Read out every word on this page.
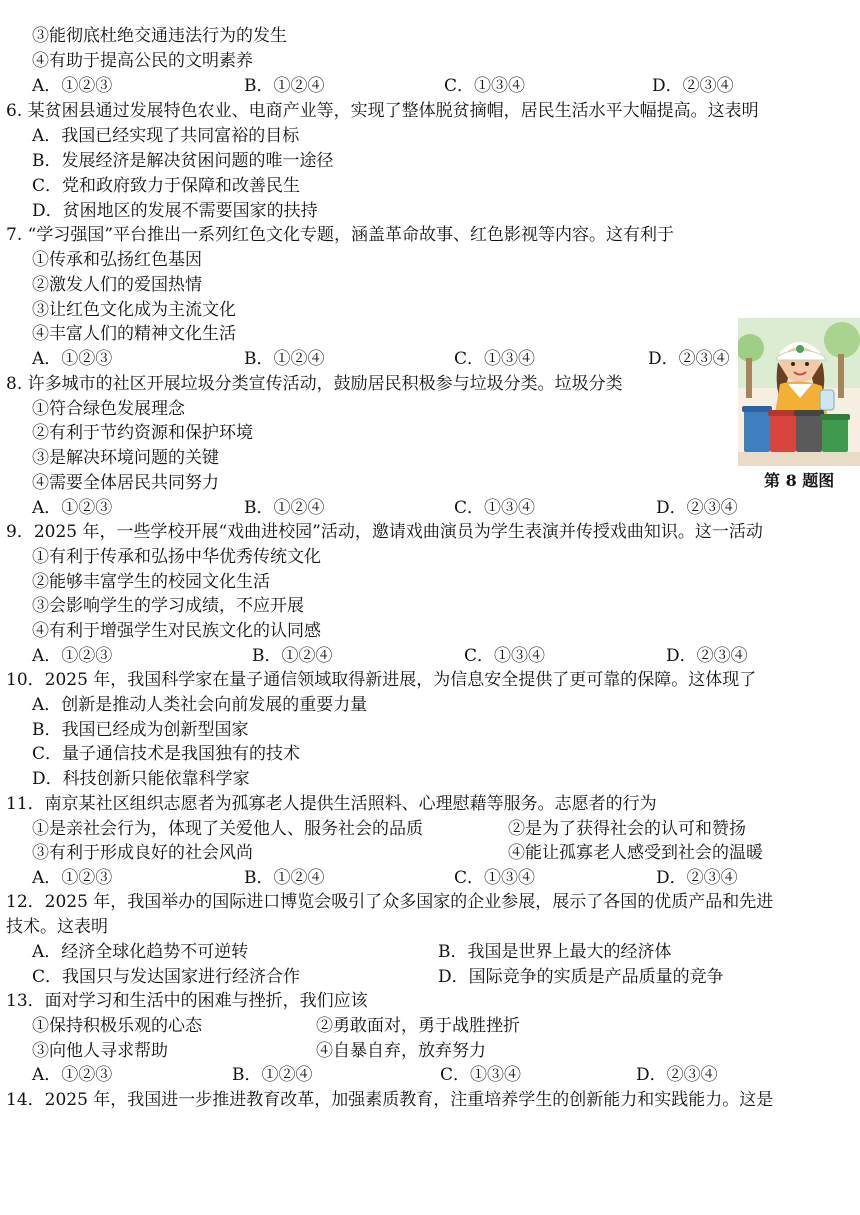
③能彻底杜绝交通违法行为的发生
④有助于提高公民的文明素养
6. 某贫困县通过发展特色农业、电商产业等，实现了整体脱贫摘帽，居民生活水平大幅提高。这表明
A．我国已经实现了共同富裕的目标
B．发展经济是解决贫困问题的唯一途径
C．党和政府致力于保障和改善民生
D．贫困地区的发展不需要国家的扶持
7. “学习强国”平台推出一系列红色文化专题，涵盖革命故事、红色影视等内容。这有利于
①传承和弘扬红色基因
②激发人们的爱国热情
③让红色文化成为主流文化
④丰富人们的精神文化生活
8. 许多城市的社区开展垃圾分类宣传活动，鼓励居民积极参与垃圾分类。垃圾分类
①符合绿色发展理念
②有利于节约资源和保护环境
③是解决环境问题的关键
④需要全体居民共同努力
9．2025 年，一些学校开展“戏曲进校园”活动，邀请戏曲演员为学生表演并传授戏曲知识。这一活动
①有利于传承和弘扬中华优秀传统文化
②能够丰富学生的校园文化生活
③会影响学生的学习成绩，不应开展
④有利于增强学生对民族文化的认同感
10．2025 年，我国科学家在量子通信领域取得新进展，为信息安全提供了更可靠的保障。这体现了
A．创新是推动人类社会向前发展的重要力量
B．我国已经成为创新型国家
C．量子通信技术是我国独有的技术
D．科技创新只能依靠科学家
11．南京某社区组织志愿者为孤寡老人提供生活照料、心理慰藉等服务。志愿者的行为
12．2025 年，我国举办的国际进口博览会吸引了众多国家的企业参展，展示了各国的优质产品和先进
技术。这表明
13．面对学习和生活中的困难与挫折，我们应该
14．2025 年，我国进一步推进教育改革，加强素质教育，注重培养学生的创新能力和实践能力。这是
A．①②③	B．①②④	C．①③④	D．②③④
A．①②③	B．①②④	C．①③④	D．②③④
A．①②③	B．①②④	C．①③④	D．②③④
A．①②③	B．①②④	C．①③④	D．②③④
①是亲社会行为，体现了关爱他人、服务社会的品质	②是为了获得社会的认可和赞扬
③有利于形成良好的社会风尚	④能让孤寡老人感受到社会的温暖
A．①②③	B．①②④	C．①③④	D．②③④
A．经济全球化趋势不可逆转	B．我国是世界上最大的经济体
C．我国只与发达国家进行经济合作	D．国际竞争的实质是产品质量的竞争
①保持积极乐观的心态	②勇敢面对，勇于战胜挫折
③向他人寻求帮助	④自暴自弃，放弃努力
A．①②③	B．①②④	C．①③④	D．②③④
第 8 题图
